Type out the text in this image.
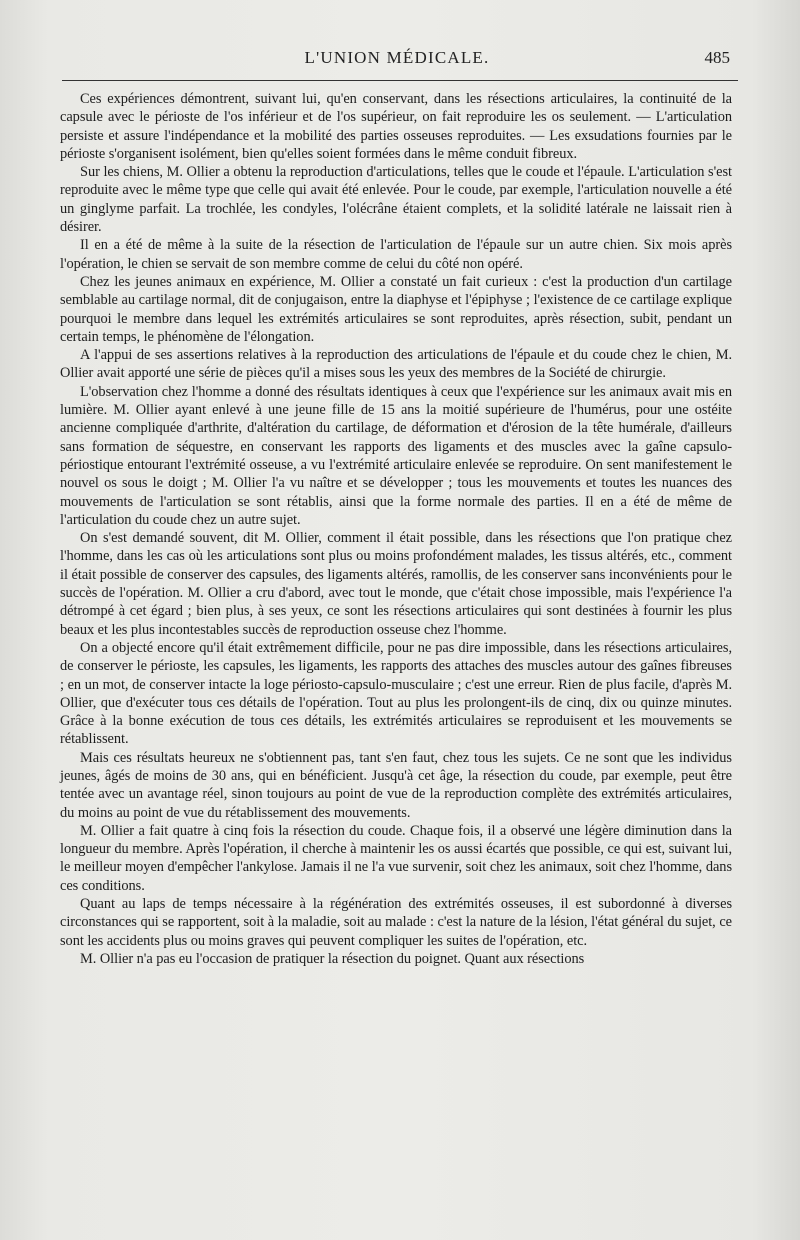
L'UNION MÉDICALE.	485

Ces expériences démontrent, suivant lui, qu'en conservant, dans les résections articulaires, la continuité de la capsule avec le périoste de l'os inférieur et de l'os supérieur, on fait reproduire les os seulement. — L'articulation persiste et assure l'indépendance et la mobilité des parties osseuses reproduites. — Les exsudations fournies par le périoste s'organisent isolément, bien qu'elles soient formées dans le même conduit fibreux.

Sur les chiens, M. Ollier a obtenu la reproduction d'articulations, telles que le coude et l'épaule. L'articulation s'est reproduite avec le même type que celle qui avait été enlevée. Pour le coude, par exemple, l'articulation nouvelle a été un ginglyme parfait. La trochlée, les condyles, l'olécrâne étaient complets, et la solidité latérale ne laissait rien à désirer.

Il en a été de même à la suite de la résection de l'articulation de l'épaule sur un autre chien. Six mois après l'opération, le chien se servait de son membre comme de celui du côté non opéré.

Chez les jeunes animaux en expérience, M. Ollier a constaté un fait curieux : c'est la production d'un cartilage semblable au cartilage normal, dit de conjugaison, entre la diaphyse et l'épiphyse ; l'existence de ce cartilage explique pourquoi le membre dans lequel les extrémités articulaires se sont reproduites, après résection, subit, pendant un certain temps, le phénomène de l'élongation.

A l'appui de ses assertions relatives à la reproduction des articulations de l'épaule et du coude chez le chien, M. Ollier avait apporté une série de pièces qu'il a mises sous les yeux des membres de la Société de chirurgie.

L'observation chez l'homme a donné des résultats identiques à ceux que l'expérience sur les animaux avait mis en lumière. M. Ollier ayant enlevé à une jeune fille de 15 ans la moitié supérieure de l'humérus, pour une ostéite ancienne compliquée d'arthrite, d'altération du cartilage, de déformation et d'érosion de la tête humérale, d'ailleurs sans formation de séquestre, en conservant les rapports des ligaments et des muscles avec la gaîne capsulo-périostique entourant l'extrémité osseuse, a vu l'extrémité articulaire enlevée se reproduire. On sent manifestement le nouvel os sous le doigt ; M. Ollier l'a vu naître et se développer ; tous les mouvements et toutes les nuances des mouvements de l'articulation se sont rétablis, ainsi que la forme normale des parties. Il en a été de même de l'articulation du coude chez un autre sujet.

On s'est demandé souvent, dit M. Ollier, comment il était possible, dans les résections que l'on pratique chez l'homme, dans les cas où les articulations sont plus ou moins profondément malades, les tissus altérés, etc., comment il était possible de conserver des capsules, des ligaments altérés, ramollis, de les conserver sans inconvénients pour le succès de l'opération. M. Ollier a cru d'abord, avec tout le monde, que c'était chose impossible, mais l'expérience l'a détrompé à cet égard ; bien plus, à ses yeux, ce sont les résections articulaires qui sont destinées à fournir les plus beaux et les plus incontestables succès de reproduction osseuse chez l'homme.

On a objecté encore qu'il était extrêmement difficile, pour ne pas dire impossible, dans les résections articulaires, de conserver le périoste, les capsules, les ligaments, les rapports des attaches des muscles autour des gaînes fibreuses ; en un mot, de conserver intacte la loge périosto-capsulo-musculaire ; c'est une erreur. Rien de plus facile, d'après M. Ollier, que d'exécuter tous ces détails de l'opération. Tout au plus les prolongent-ils de cinq, dix ou quinze minutes. Grâce à la bonne exécution de tous ces détails, les extrémités articulaires se reproduisent et les mouvements se rétablissent.

Mais ces résultats heureux ne s'obtiennent pas, tant s'en faut, chez tous les sujets. Ce ne sont que les individus jeunes, âgés de moins de 30 ans, qui en bénéficient. Jusqu'à cet âge, la résection du coude, par exemple, peut être tentée avec un avantage réel, sinon toujours au point de vue de la reproduction complète des extrémités articulaires, du moins au point de vue du rétablissement des mouvements.

M. Ollier a fait quatre à cinq fois la résection du coude. Chaque fois, il a observé une légère diminution dans la longueur du membre. Après l'opération, il cherche à maintenir les os aussi écartés que possible, ce qui est, suivant lui, le meilleur moyen d'empêcher l'ankylose. Jamais il ne l'a vue survenir, soit chez les animaux, soit chez l'homme, dans ces conditions.

Quant au laps de temps nécessaire à la régénération des extrémités osseuses, il est subordonné à diverses circonstances qui se rapportent, soit à la maladie, soit au malade : c'est la nature de la lésion, l'état général du sujet, ce sont les accidents plus ou moins graves qui peuvent compliquer les suites de l'opération, etc.

M. Ollier n'a pas eu l'occasion de pratiquer la résection du poignet. Quant aux résections
